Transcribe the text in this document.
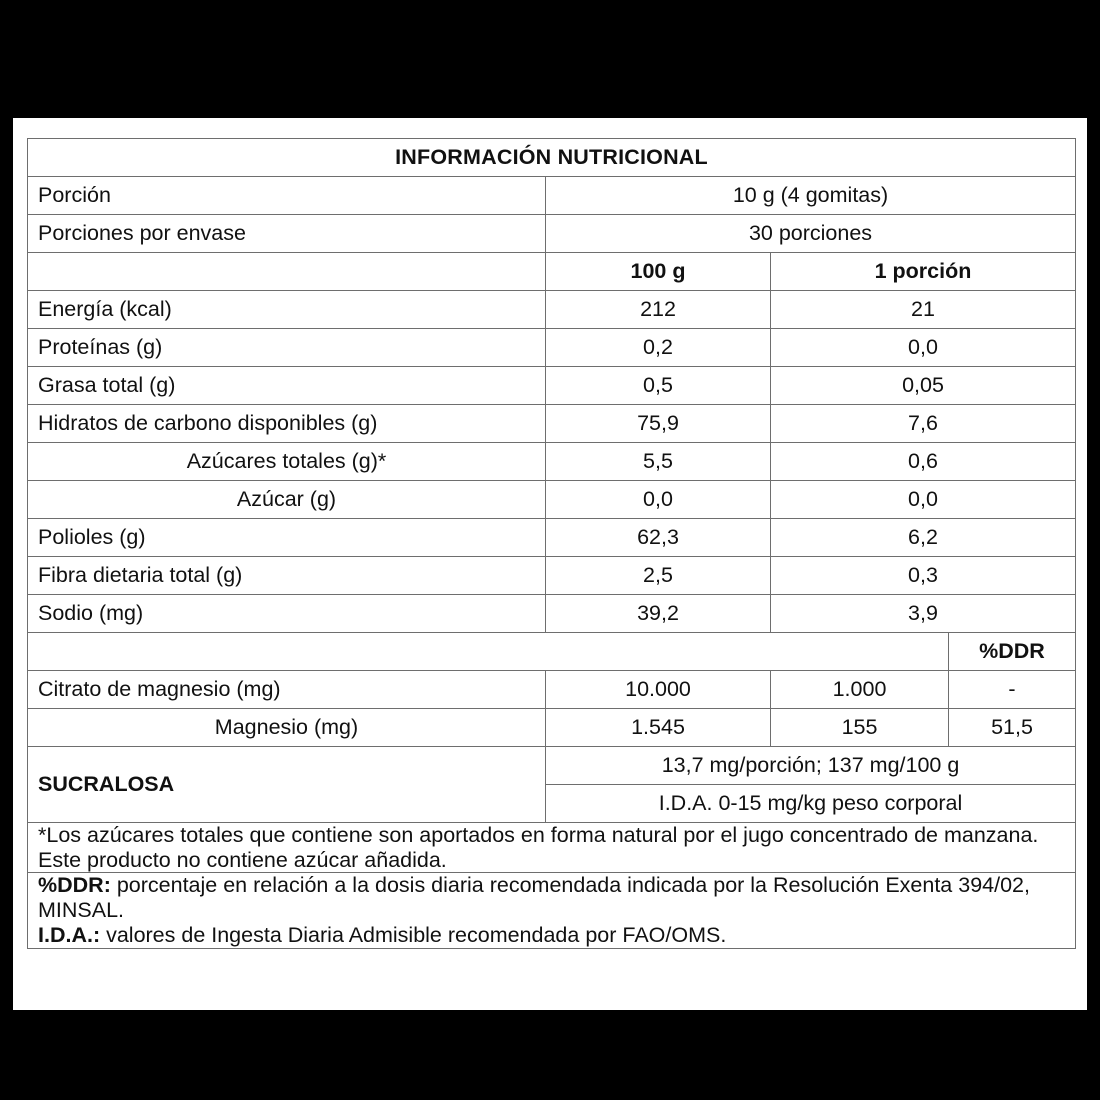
INFORMACIÓN NUTRICIONAL			
Porción	10 g (4 gomitas)		
Porciones por envase	30 porciones		
	100 g	1 porción	
Energía (kcal)	212	21	
Proteínas (g)	0,2	0,0	
Grasa total (g)	0,5	0,05	
Hidratos de carbono disponibles (g)	75,9	7,6	
Azúcares totales (g)*	5,5	0,6	
Azúcar (g)	0,0	0,0	
Polioles (g)	62,3	6,2	
Fibra dietaria total (g)	2,5	0,3	
Sodio (mg)	39,2	3,9	
			%DDR
Citrato de magnesio (mg)	10.000	1.000	-
Magnesio (mg)	1.545	155	51,5
SUCRALOSA	13,7 mg/porción; 137 mg/100 g		
	I.D.A. 0-15 mg/kg peso corporal		
*Los azúcares totales que contiene son aportados en forma natural por el jugo concentrado de manzana. Este producto no contiene azúcar añadida.			

%DDR: porcentaje en relación a la dosis diaria recomendada indicada por la Resolución Exenta 394/02, MINSAL.
I.D.A.: valores de Ingesta Diaria Admisible recomendada por FAO/OMS.			
